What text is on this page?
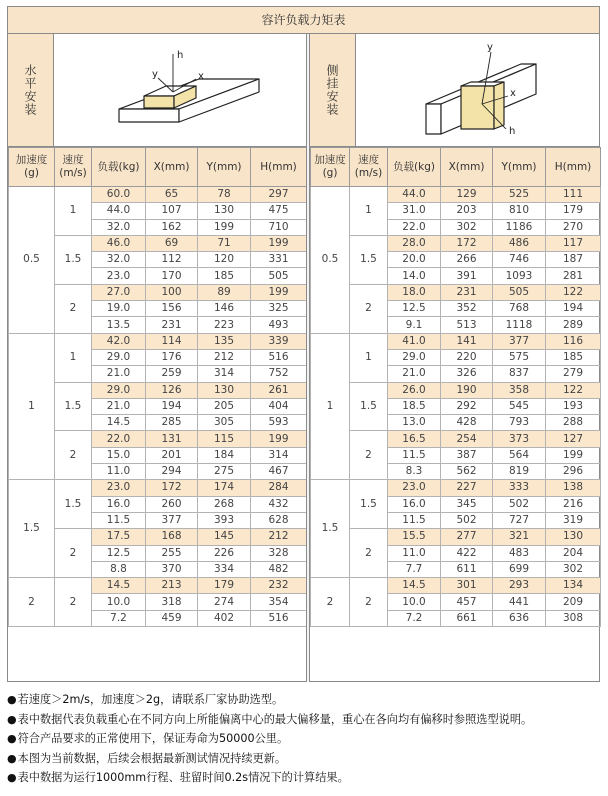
容许负载力矩表
水平安装
h
x
y
加速度(g)	速度(m/s)	负载(kg)	X(mm)	Y(mm)	H(mm)
0.5	1	60.0	65	78	297
		44.0	107	130	475
		32.0	162	199	710
	1.5	46.0	69	71	199
		32.0	112	120	331
		23.0	170	185	505
	2	27.0	100	89	199
		19.0	156	146	325
		13.5	231	223	493
1	1	42.0	114	135	339
		29.0	176	212	516
		21.0	259	314	752
	1.5	29.0	126	130	261
		21.0	194	205	404
		14.5	285	305	593
	2	22.0	131	115	199
		15.0	201	184	314
		11.0	294	275	467
1.5	1.5	23.0	172	174	284
		16.0	260	268	432
		11.5	377	393	628
	2	17.5	168	145	212
		12.5	255	226	328
		8.8	370	334	482
2	2	14.5	213	179	232
		10.0	318	274	354
		7.2	459	402	516
侧挂安装
y
x
h
加速度(g)	速度(m/s)	负载(kg)	X(mm)	Y(mm)	H(mm)
0.5	1	44.0	129	525	111
		31.0	203	810	179
		22.0	302	1186	270
	1.5	28.0	172	486	117
		20.0	266	746	187
		14.0	391	1093	281
	2	18.0	231	505	122
		12.5	352	768	194
		9.1	513	1118	289
1	1	41.0	141	377	116
		29.0	220	575	185
		21.0	326	837	279
	1.5	26.0	190	358	122
		18.5	292	545	193
		13.0	428	793	288
	2	16.5	254	373	127
		11.5	387	564	199
		8.3	562	819	296
1.5	1.5	23.0	227	333	138
		16.0	345	502	216
		11.5	502	727	319
	2	15.5	277	321	130
		11.0	422	483	204
		7.7	611	699	302
2	2	14.5	301	293	134
		10.0	457	441	209
		7.2	661	636	308
●若速度＞2m/s，加速度＞2g，请联系厂家协助选型。
●表中数据代表负载重心在不同方向上所能偏离中心的最大偏移量，重心在各向均有偏移时参照选型说明。
●符合产品要求的正常使用下，保证寿命为50000公里。
●本图为当前数据，后续会根据最新测试情况持续更新。
●表中数据为运行1000mm行程、驻留时间0.2s情况下的计算结果。
